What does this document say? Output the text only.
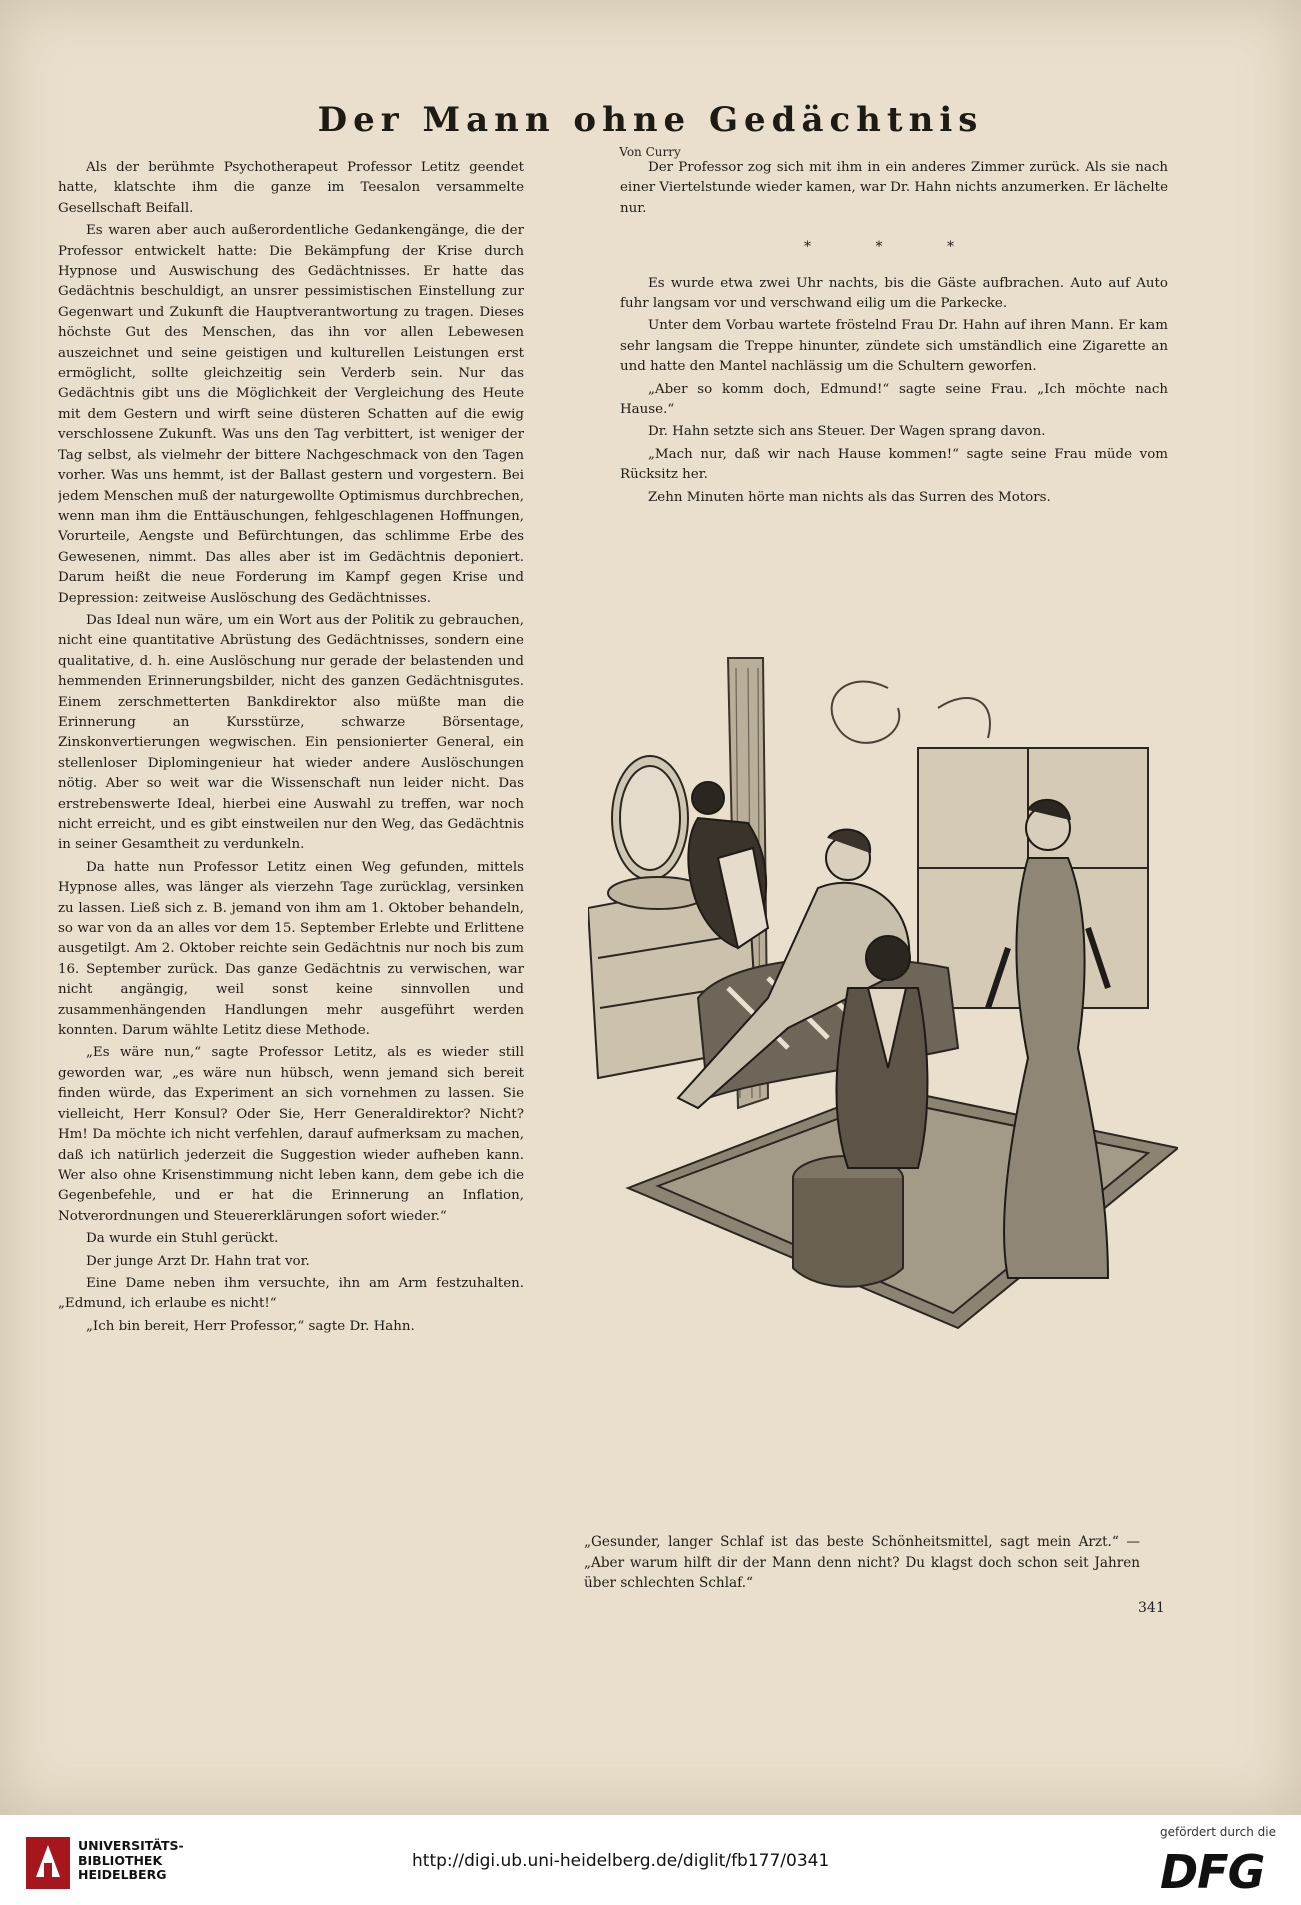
Der Mann ohne Gedächtnis
Von Curry

Als der berühmte Psychotherapeut Professor Letitz geendet hatte, klatschte ihm die ganze im Teesalon versammelte Gesellschaft Beifall.

Es waren aber auch außerordentliche Gedankengänge, die der Professor entwickelt hatte: Die Bekämpfung der Krise durch Hypnose und Auswischung des Gedächtnisses. Er hatte das Gedächtnis beschuldigt, an unsrer pessimistischen Einstellung zur Gegenwart und Zukunft die Hauptverantwortung zu tragen. Dieses höchste Gut des Menschen, das ihn vor allen Lebewesen auszeichnet und seine geistigen und kulturellen Leistungen erst ermöglicht, sollte gleichzeitig sein Verderb sein. Nur das Gedächtnis gibt uns die Möglichkeit der Vergleichung des Heute mit dem Gestern und wirft seine düsteren Schatten auf die ewig verschlossene Zukunft. Was uns den Tag verbittert, ist weniger der Tag selbst, als vielmehr der bittere Nachgeschmack von den Tagen vorher. Was uns hemmt, ist der Ballast gestern und vorgestern. Bei jedem Menschen muß der naturgewollte Optimismus durchbrechen, wenn man ihm die Enttäuschungen, fehlgeschlagenen Hoffnungen, Vorurteile, Aengste und Befürchtungen, das schlimme Erbe des Gewesenen, nimmt. Das alles aber ist im Gedächtnis deponiert. Darum heißt die neue Forderung im Kampf gegen Krise und Depression: zeitweise Auslöschung des Gedächtnisses.

Das Ideal nun wäre, um ein Wort aus der Politik zu gebrauchen, nicht eine quantitative Abrüstung des Gedächtnisses, sondern eine qualitative, d. h. eine Auslöschung nur gerade der belastenden und hemmenden Erinnerungsbilder, nicht des ganzen Gedächtnisgutes. Einem zerschmetterten Bankdirektor also müßte man die Erinnerung an Kursstürze, schwarze Börsentage, Zinskonvertierungen wegwischen. Ein pensionierter General, ein stellenloser Diplomingenieur hat wieder andere Auslöschungen nötig. Aber so weit war die Wissenschaft nun leider nicht. Das erstrebenswerte Ideal, hierbei eine Auswahl zu treffen, war noch nicht erreicht, und es gibt einstweilen nur den Weg, das Gedächtnis in seiner Gesamtheit zu verdunkeln.

Da hatte nun Professor Letitz einen Weg gefunden, mittels Hypnose alles, was länger als vierzehn Tage zurücklag, versinken zu lassen. Ließ sich z. B. jemand von ihm am 1. Oktober behandeln, so war von da an alles vor dem 15. September Erlebte und Erlittene ausgetilgt. Am 2. Oktober reichte sein Gedächtnis nur noch bis zum 16. September zurück. Das ganze Gedächtnis zu verwischen, war nicht angängig, weil sonst keine sinnvollen und zusammenhängenden Handlungen mehr ausgeführt werden konnten. Darum wählte Letitz diese Methode.

„Es wäre nun,“ sagte Professor Letitz, als es wieder still geworden war, „es wäre nun hübsch, wenn jemand sich bereit finden würde, das Experiment an sich vornehmen zu lassen. Sie vielleicht, Herr Konsul? Oder Sie, Herr Generaldirektor? Nicht? Hm! Da möchte ich nicht verfehlen, darauf aufmerksam zu machen, daß ich natürlich jederzeit die Suggestion wieder aufheben kann. Wer also ohne Krisenstimmung nicht leben kann, dem gebe ich die Gegenbefehle, und er hat die Erinnerung an Inflation, Notverordnungen und Steuererklärungen sofort wieder.“

Da wurde ein Stuhl gerückt.

Der junge Arzt Dr. Hahn trat vor.

Eine Dame neben ihm versuchte, ihn am Arm festzuhalten. „Edmund, ich erlaube es nicht!“

„Ich bin bereit, Herr Professor,“ sagte Dr. Hahn.

Der Professor zog sich mit ihm in ein anderes Zimmer zurück. Als sie nach einer Viertelstunde wieder kamen, war Dr. Hahn nichts anzumerken. Er lächelte nur.

* * *

Es wurde etwa zwei Uhr nachts, bis die Gäste aufbrachen. Auto auf Auto fuhr langsam vor und verschwand eilig um die Parkecke.

Unter dem Vorbau wartete fröstelnd Frau Dr. Hahn auf ihren Mann. Er kam sehr langsam die Treppe hinunter, zündete sich umständlich eine Zigarette an und hatte den Mantel nachlässig um die Schultern geworfen.

„Aber so komm doch, Edmund!“ sagte seine Frau. „Ich möchte nach Hause.“

Dr. Hahn setzte sich ans Steuer. Der Wagen sprang davon.

„Mach nur, daß wir nach Hause kommen!“ sagte seine Frau müde vom Rücksitz her.

Zehn Minuten hörte man nichts als das Surren des Motors.

„Gesunder, langer Schlaf ist das beste Schönheitsmittel, sagt mein Arzt.“ — „Aber warum hilft dir der Mann denn nicht? Du klagst doch schon seit Jahren über schlechten Schlaf.“

341
UNIVERSITÄTS-
BIBLIOTHEK
HEIDELBERG
http://digi.ub.uni-heidelberg.de/diglit/fb177/0341
gefördert durch die
DFG
